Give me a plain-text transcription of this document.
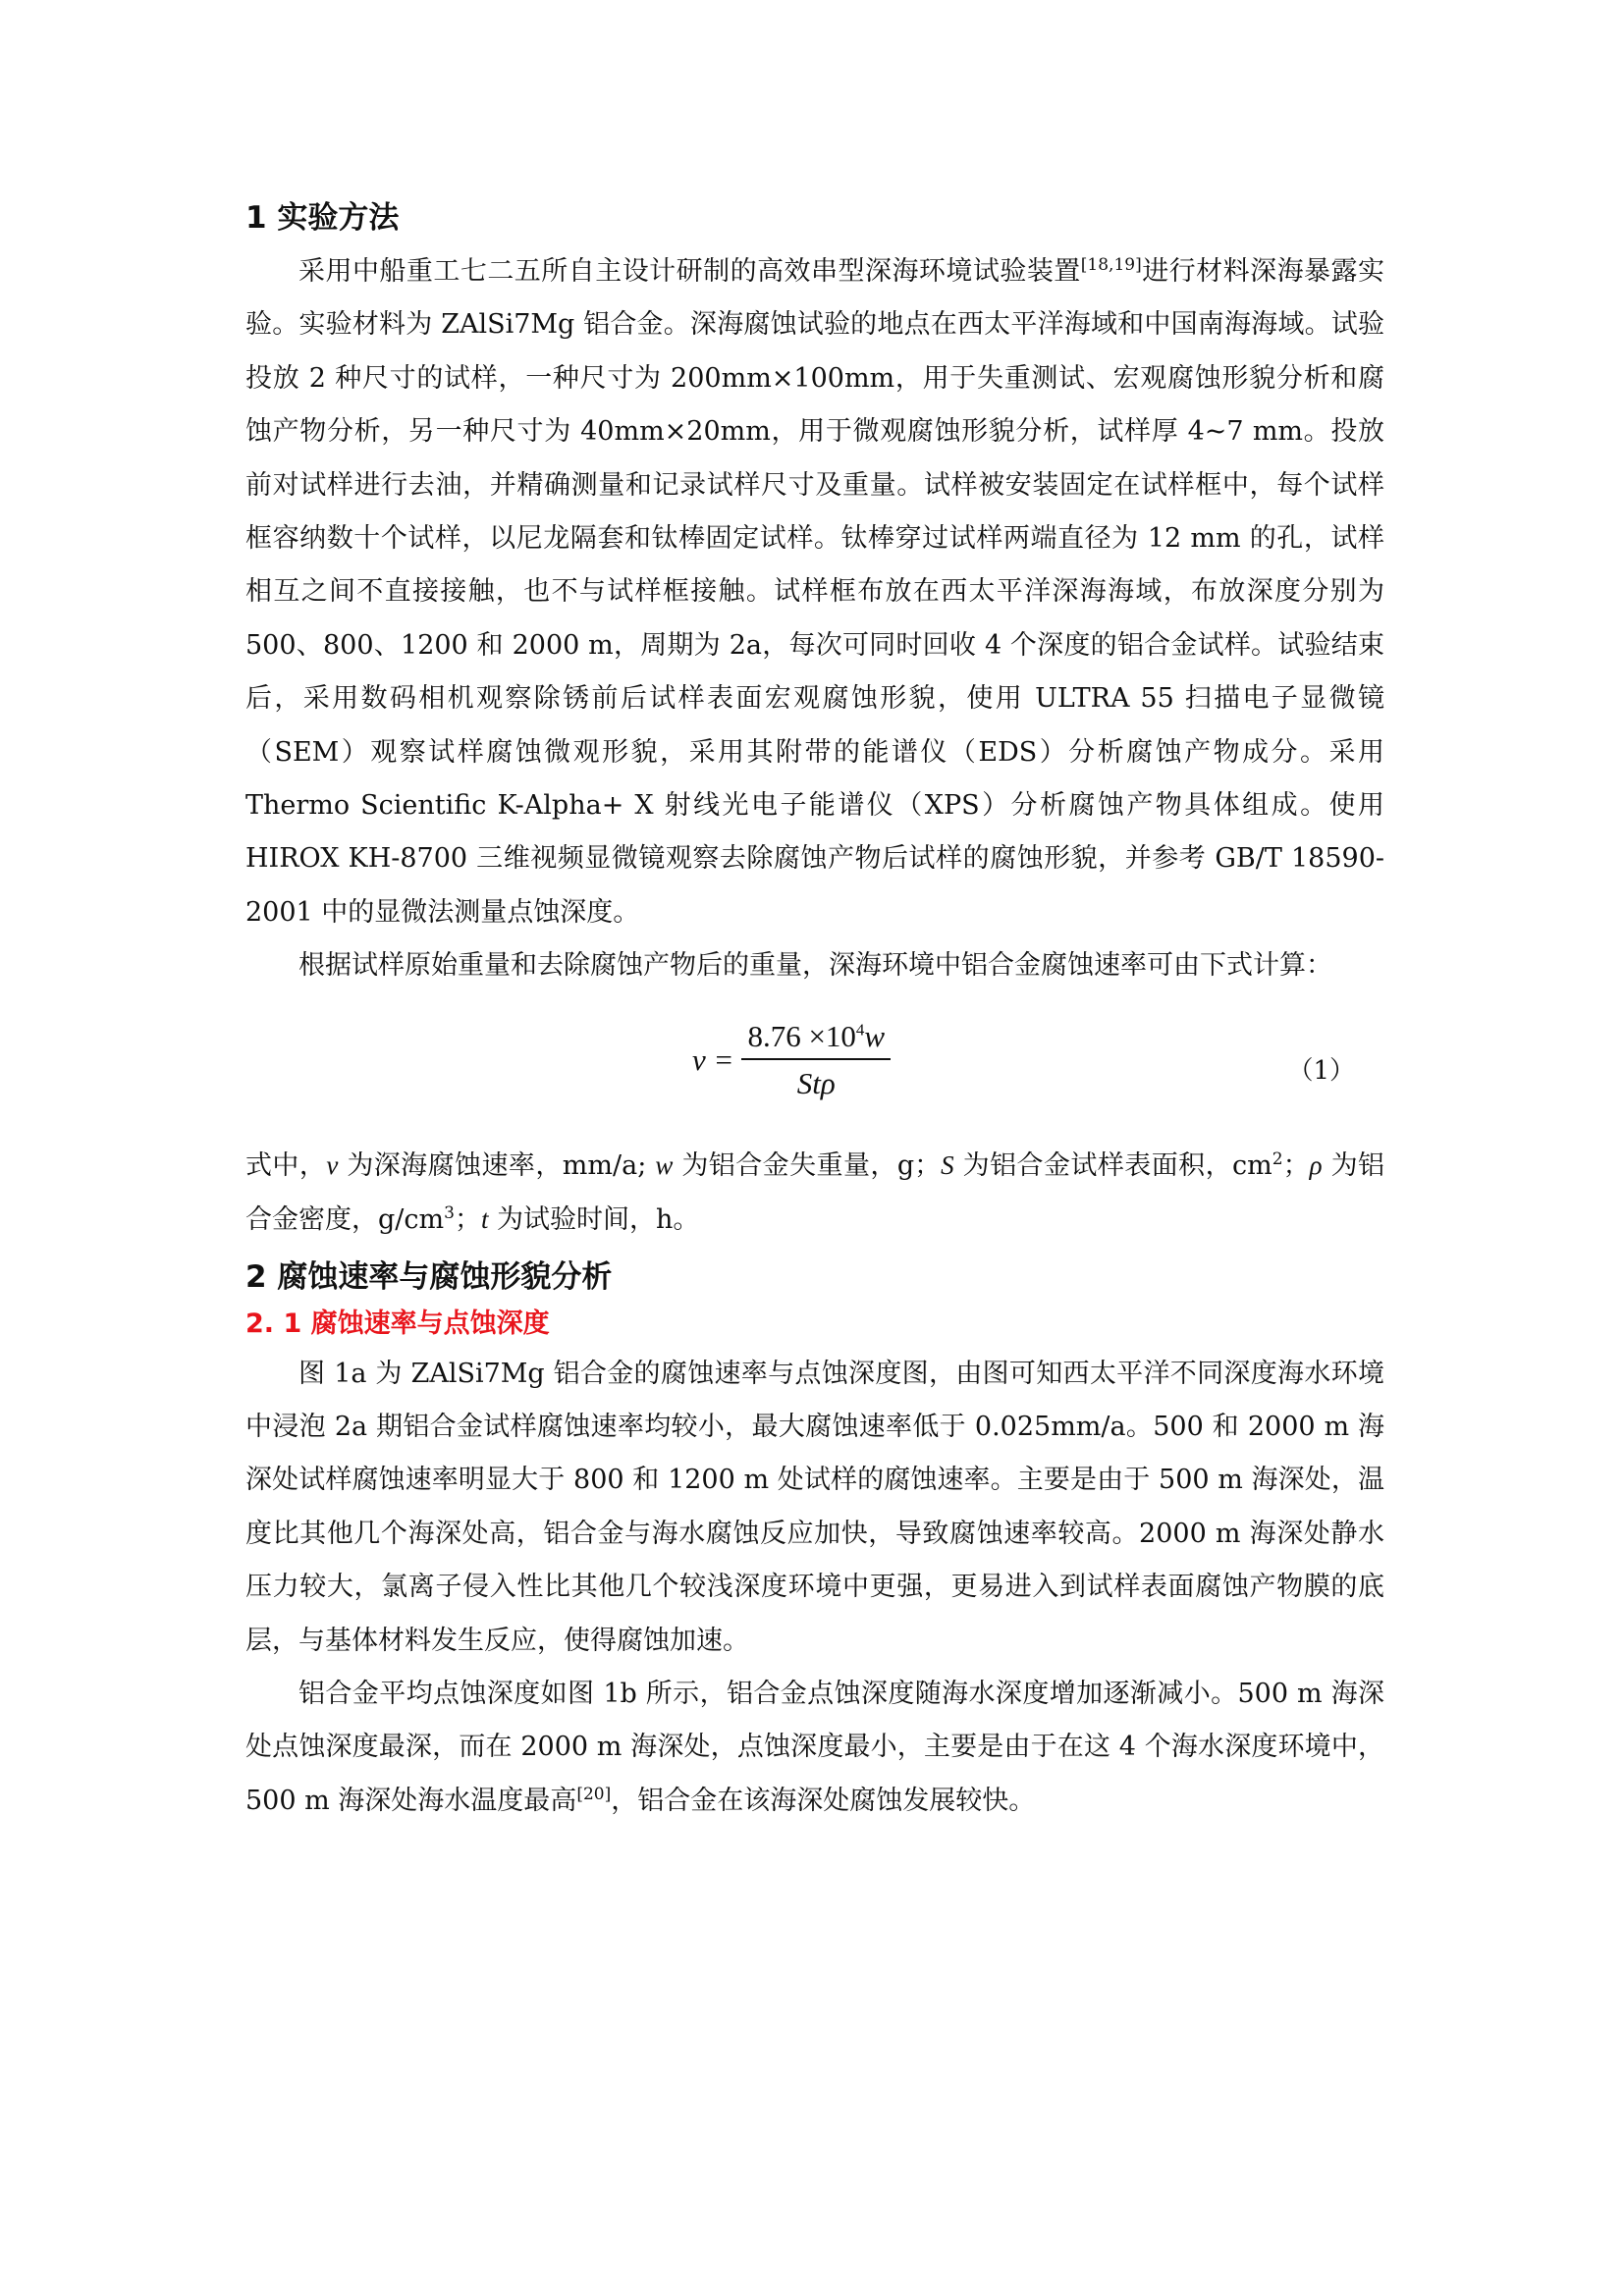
1 实验方法

采用中船重工七二五所自主设计研制的高效串型深海环境试验装置[18,19]进行材料深海暴露实验。实验材料为 ZAlSi7Mg 铝合金。深海腐蚀试验的地点在西太平洋海域和中国南海海域。试验投放 2 种尺寸的试样，一种尺寸为 200mm×100mm，用于失重测试、宏观腐蚀形貌分析和腐蚀产物分析，另一种尺寸为 40mm×20mm，用于微观腐蚀形貌分析，试样厚 4~7 mm。投放前对试样进行去油，并精确测量和记录试样尺寸及重量。试样被安装固定在试样框中，每个试样框容纳数十个试样，以尼龙隔套和钛棒固定试样。钛棒穿过试样两端直径为 12 mm 的孔，试样相互之间不直接接触，也不与试样框接触。试样框布放在西太平洋深海海域，布放深度分别为 500、800、1200 和 2000 m，周期为 2a，每次可同时回收 4 个深度的铝合金试样。试验结束后，采用数码相机观察除锈前后试样表面宏观腐蚀形貌，使用 ULTRA 55 扫描电子显微镜（SEM）观察试样腐蚀微观形貌，采用其附带的能谱仪（EDS）分析腐蚀产物成分。采用 Thermo Scientific K-Alpha+ X 射线光电子能谱仪（XPS）分析腐蚀产物具体组成。使用 HIROX KH-8700 三维视频显微镜观察去除腐蚀产物后试样的腐蚀形貌，并参考 GB/T 18590-2001 中的显微法测量点蚀深度。

根据试样原始重量和去除腐蚀产物后的重量，深海环境中铝合金腐蚀速率可由下式计算：

$v = \frac{8.76 \times 10^4w}{\text{Stρ}}$	（1）

式中，v 为深海腐蚀速率，mm/a; w 为铝合金失重量，g；S 为铝合金试样表面积，$cm^2$；ρ 为铝合金密度，$g/cm^3$；t 为试验时间，h。

2 腐蚀速率与腐蚀形貌分析
2. 1 腐蚀速率与点蚀深度

图 1a 为 ZAlSi7Mg 铝合金的腐蚀速率与点蚀深度图，由图可知西太平洋不同深度海水环境中浸泡 2a 期铝合金试样腐蚀速率均较小，最大腐蚀速率低于 0.025mm/a。500 和 2000 m 海深处试样腐蚀速率明显大于 800 和 1200 m 处试样的腐蚀速率。主要是由于 500 m 海深处，温度比其他几个海深处高，铝合金与海水腐蚀反应加快，导致腐蚀速率较高。2000 m 海深处静水压力较大，氯离子侵入性比其他几个较浅深度环境中更强，更易进入到试样表面腐蚀产物膜的底层，与基体材料发生反应，使得腐蚀加速。

铝合金平均点蚀深度如图 1b 所示，铝合金点蚀深度随海水深度增加逐渐减小。500 m 海深处点蚀深度最深，而在 2000 m 海深处，点蚀深度最小，主要是由于在这 4 个海水深度环境中，500 m 海深处海水温度最高[20]，铝合金在该海深处腐蚀发展较快。
